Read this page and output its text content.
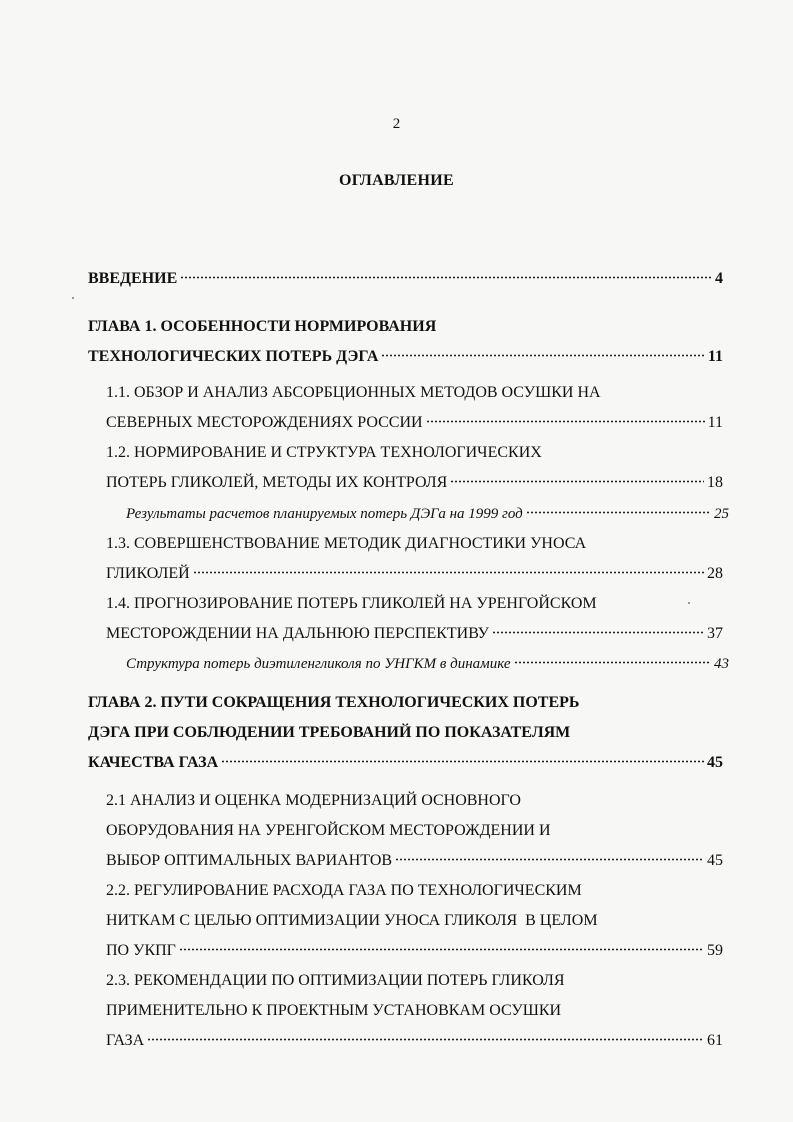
2
ОГЛАВЛЕНИЕ
ВВЕДЕНИЕ	4
ГЛАВА 1. ОСОБЕННОСТИ НОРМИРОВАНИЯ
ТЕХНОЛОГИЧЕСКИХ ПОТЕРЬ ДЭГА	11
1.1. ОБЗОР И АНАЛИЗ АБСОРБЦИОННЫХ МЕТОДОВ ОСУШКИ НА
СЕВЕРНЫХ МЕСТОРОЖДЕНИЯХ РОССИИ	11
1.2. НОРМИРОВАНИЕ И СТРУКТУРА ТЕХНОЛОГИЧЕСКИХ
ПОТЕРЬ ГЛИКОЛЕЙ, МЕТОДЫ ИХ КОНТРОЛЯ	18
Результаты расчетов планируемых потерь ДЭГа на 1999 год	25
1.3. СОВЕРШЕНСТВОВАНИЕ МЕТОДИК ДИАГНОСТИКИ УНОСА
ГЛИКОЛЕЙ	28
1.4. ПРОГНОЗИРОВАНИЕ ПОТЕРЬ ГЛИКОЛЕЙ НА УРЕНГОЙСКОМ
МЕСТОРОЖДЕНИИ НА ДАЛЬНЮЮ ПЕРСПЕКТИВУ	37
Структура потерь диэтиленгликоля по УНГКМ в динамике	43
ГЛАВА 2. ПУТИ СОКРАЩЕНИЯ ТЕХНОЛОГИЧЕСКИХ ПОТЕРЬ
ДЭГА ПРИ СОБЛЮДЕНИИ ТРЕБОВАНИЙ ПО ПОКАЗАТЕЛЯМ
КАЧЕСТВА ГАЗА	45
2.1 АНАЛИЗ И ОЦЕНКА МОДЕРНИЗАЦИЙ ОСНОВНОГО
ОБОРУДОВАНИЯ НА УРЕНГОЙСКОМ МЕСТОРОЖДЕНИИ И
ВЫБОР ОПТИМАЛЬНЫХ ВАРИАНТОВ	45
2.2. РЕГУЛИРОВАНИЕ РАСХОДА ГАЗА ПО ТЕХНОЛОГИЧЕСКИМ
НИТКАМ С ЦЕЛЬЮ ОПТИМИЗАЦИИ УНОСА ГЛИКОЛЯ  В ЦЕЛОМ
ПО УКПГ	59
2.3. РЕКОМЕНДАЦИИ ПО ОПТИМИЗАЦИИ ПОТЕРЬ ГЛИКОЛЯ
ПРИМЕНИТЕЛЬНО К ПРОЕКТНЫМ УСТАНОВКАМ ОСУШКИ
ГАЗА	61
